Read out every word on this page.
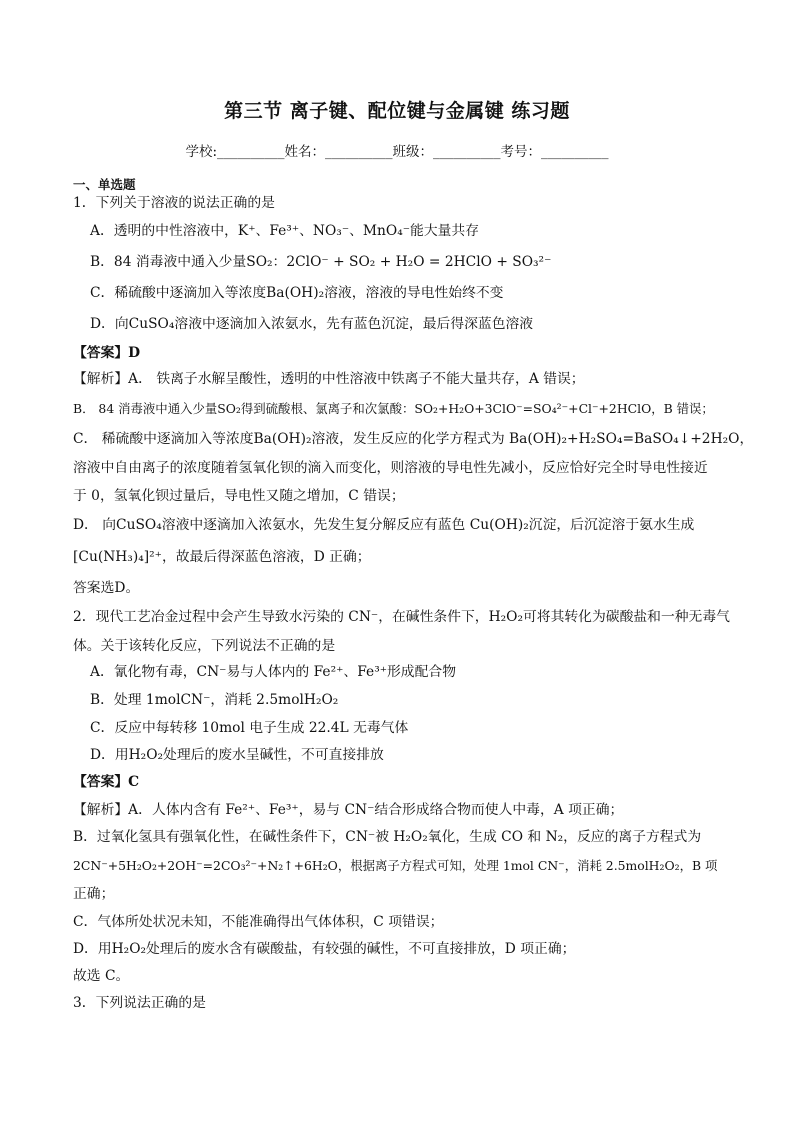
第三节 离子键、配位键与金属键 练习题
学校:__________姓名：__________班级：__________考号：__________
一、单选题
1．下列关于溶液的说法正确的是
A．透明的中性溶液中，K⁺、Fe³⁺、NO₃⁻、MnO₄⁻能大量共存
B．84 消毒液中通入少量SO₂：2ClO⁻ + SO₂ + H₂O = 2HClO + SO₃²⁻
C．稀硫酸中逐滴加入等浓度Ba(OH)₂溶液，溶液的导电性始终不变
D．向CuSO₄溶液中逐滴加入浓氨水，先有蓝色沉淀，最后得深蓝色溶液
【答案】D
【解析】A． 铁离子水解呈酸性，透明的中性溶液中铁离子不能大量共存，A 错误；
B． 84 消毒液中通入少量SO₂得到硫酸根、氯离子和次氯酸：SO₂+H₂O+3ClO⁻=SO₄²⁻+Cl⁻+2HClO，B 错误；
C． 稀硫酸中逐滴加入等浓度Ba(OH)₂溶液，发生反应的化学方程式为 Ba(OH)₂+H₂SO₄=BaSO₄↓+2H₂O，
溶液中自由离子的浓度随着氢氧化钡的滴入而变化，则溶液的导电性先减小，反应恰好完全时导电性接近
于 0，氢氧化钡过量后，导电性又随之增加，C 错误；
D． 向CuSO₄溶液中逐滴加入浓氨水，先发生复分解反应有蓝色 Cu(OH)₂沉淀，后沉淀溶于氨水生成
[Cu(NH₃)₄]²⁺，故最后得深蓝色溶液，D 正确；
答案选D。
2．现代工艺冶金过程中会产生导致水污染的 CN⁻，在碱性条件下，H₂O₂可将其转化为碳酸盐和一种无毒气
体。关于该转化反应，下列说法不正确的是
A．氰化物有毒，CN⁻易与人体内的 Fe²⁺、Fe³⁺形成配合物
B．处理 1molCN⁻，消耗 2.5molH₂O₂
C．反应中每转移 10mol 电子生成 22.4L 无毒气体
D．用H₂O₂处理后的废水呈碱性，不可直接排放
【答案】C
【解析】A．人体内含有 Fe²⁺、Fe³⁺，易与 CN⁻结合形成络合物而使人中毒，A 项正确；
B．过氧化氢具有强氧化性，在碱性条件下，CN⁻被 H₂O₂氧化，生成 CO 和 N₂，反应的离子方程式为
2CN⁻+5H₂O₂+2OH⁻=2CO₃²⁻+N₂↑+6H₂O，根据离子方程式可知，处理 1mol CN⁻，消耗 2.5molH₂O₂，B 项
正确；
C．气体所处状况未知，不能准确得出气体体积，C 项错误；
D．用H₂O₂处理后的废水含有碳酸盐，有较强的碱性，不可直接排放，D 项正确；
故选 C。
3．下列说法正确的是
